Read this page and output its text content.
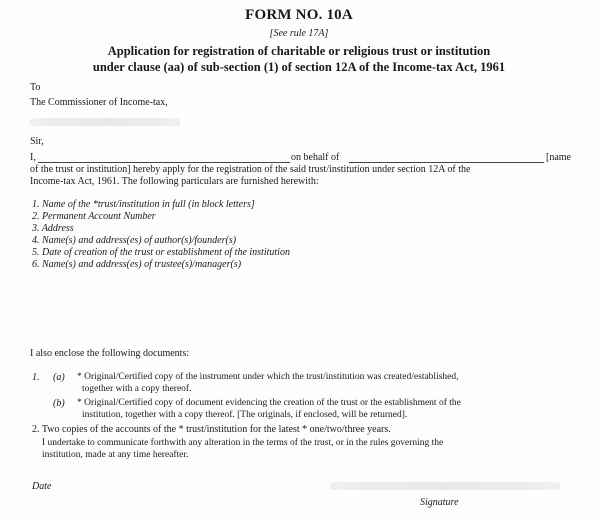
FORM NO. 10A
[See rule 17A]
Application for registration of charitable or religious trust or institution
under clause (aa) of sub-section (1) of section 12A of the Income-tax Act, 1961
To
The Commissioner of Income-tax,
Sir,
I,	on behalf of	[name
of the trust or institution] hereby apply for the registration of the said trust/institution under section 12A of the
Income-tax Act, 1961. The following particulars are furnished herewith:
1. Name of the *trust/institution in full (in block letters]
2. Permanent Account Number
3. Address
4. Name(s) and address(es) of author(s)/founder(s)
5. Date of creation of the trust or establishment of the institution
6. Name(s) and address(es) of trustee(s)/manager(s)
I also enclose the following documents:
1. (a) * Original/Certified copy of the instrument under which the trust/institution was created/established,
together with a copy thereof.
(b) * Original/Certified copy of document evidencing the creation of the trust or the establishment of the
institution, together with a copy thereof. [The originals, if enclosed, will be returned].
2. Two copies of the accounts of the * trust/institution for the latest * one/two/three years.
I undertake to communicate forthwith any alteration in the terms of the trust, or in the rules governing the
institution, made at any time hereafter.
Date
Signature
